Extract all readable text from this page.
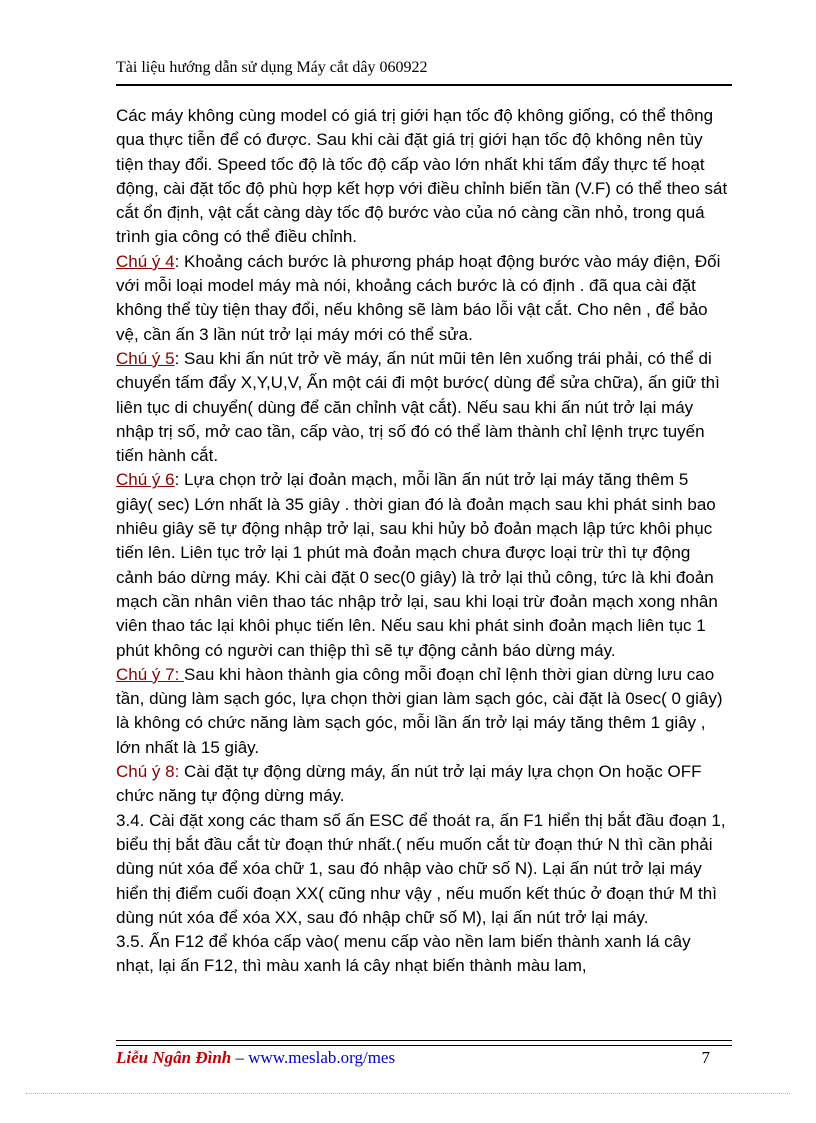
Tài liệu hướng dẫn sử dụng Máy cắt dây 060922

Các máy không cùng model có giá trị giới hạn tốc độ không giống, có thể thông qua thực tiễn để có được. Sau khi cài đặt giá trị giới hạn tốc độ không nên tùy tiện thay đổi. Speed tốc độ là tốc độ cấp vào lớn nhất khi tấm đẩy thực tế hoạt động, cài đặt tốc độ phù hợp kết hợp với điều chỉnh biến tần (V.F) có thể theo sát cắt ổn định, vật cắt càng dày tốc độ bước vào của nó càng cần nhỏ, trong quá trình gia công có thể điều chỉnh.

Chú ý 4: Khoảng cách bước là phương pháp hoạt động bước vào máy điện, Đối với mỗi loại model máy mà nói, khoảng cách bước là có định . đã qua cài đặt không thể tùy tiện thay đổi, nếu không sẽ làm báo lỗi vật cắt. Cho nên , để bảo vệ, cần ấn 3 lần nút trở lại máy mới có thể sửa.

Chú ý 5: Sau khi ấn nút trở về máy, ấn nút mũi tên lên xuống trái phải, có thể di chuyển tấm đẩy X,Y,U,V, Ấn một cái đi một bước( dùng để sửa chữa), ấn giữ thì liên tục di chuyển( dùng để căn chỉnh vật cắt). Nếu sau khi ấn nút trở lại máy nhập trị số, mở cao tần, cấp vào, trị số đó có thể làm thành chỉ lệnh trực tuyến tiến hành cắt.

Chú ý 6: Lựa chọn trở lại đoản mạch, mỗi lần ấn nút trở lại máy tăng thêm 5 giây( sec) Lớn nhất là 35 giây . thời gian đó là đoản mạch sau khi phát sinh bao nhiêu giây sẽ tự động nhập trở lại, sau khi hủy bỏ đoản mạch lập tức khôi phục tiến lên. Liên tục trở lại 1 phút mà đoản mạch chưa được loại trừ thì tự động cảnh báo dừng máy. Khi cài đặt 0 sec(0 giây) là trở lại thủ công, tức là khi đoản mạch cần nhân viên thao tác nhập trở lại, sau khi loại trừ đoản mạch xong nhân viên thao tác lại khôi phục tiến lên. Nếu sau khi phát sinh đoản mạch liên tục 1 phút không có người can thiệp thì sẽ tự động cảnh báo dừng máy.

Chú ý 7: Sau khi hàon thành gia công mỗi đoạn chỉ lệnh thời gian dừng lưu cao tần, dùng làm sạch góc, lựa chọn thời gian làm sạch góc, cài đặt là 0sec( 0 giây) là không có chức năng làm sạch góc, mỗi lần ấn trở lại máy tăng thêm 1 giây , lớn nhất là 15 giây.

Chú ý 8: Cài đặt tự động dừng máy, ấn nút trở lại máy lựa chọn On hoặc OFF chức năng tự động dừng máy.

3.4. Cài đặt xong các tham số ấn ESC để thoát ra, ấn F1 hiển thị bắt đầu đoạn 1, biểu thị bắt đầu cắt từ đoạn thứ nhất.( nếu muốn cắt từ đoạn thứ N thì cần phải dùng nút xóa để xóa chữ 1, sau đó nhập vào chữ số N). Lại ấn nút trở lại máy hiển thị điểm cuối đoạn XX( cũng như vậy , nếu muốn kết thúc ở đoạn thứ M thì dùng nút xóa để xóa XX, sau đó nhập chữ số M), lại ấn nút trở lại máy.

3.5. Ấn F12 để khóa cấp vào( menu cấp vào nền lam biến thành xanh lá cây nhạt, lại ấn F12, thì màu xanh lá cây nhạt biến thành màu lam,

Liễu Ngân Đình – www.meslab.org/mes	7
